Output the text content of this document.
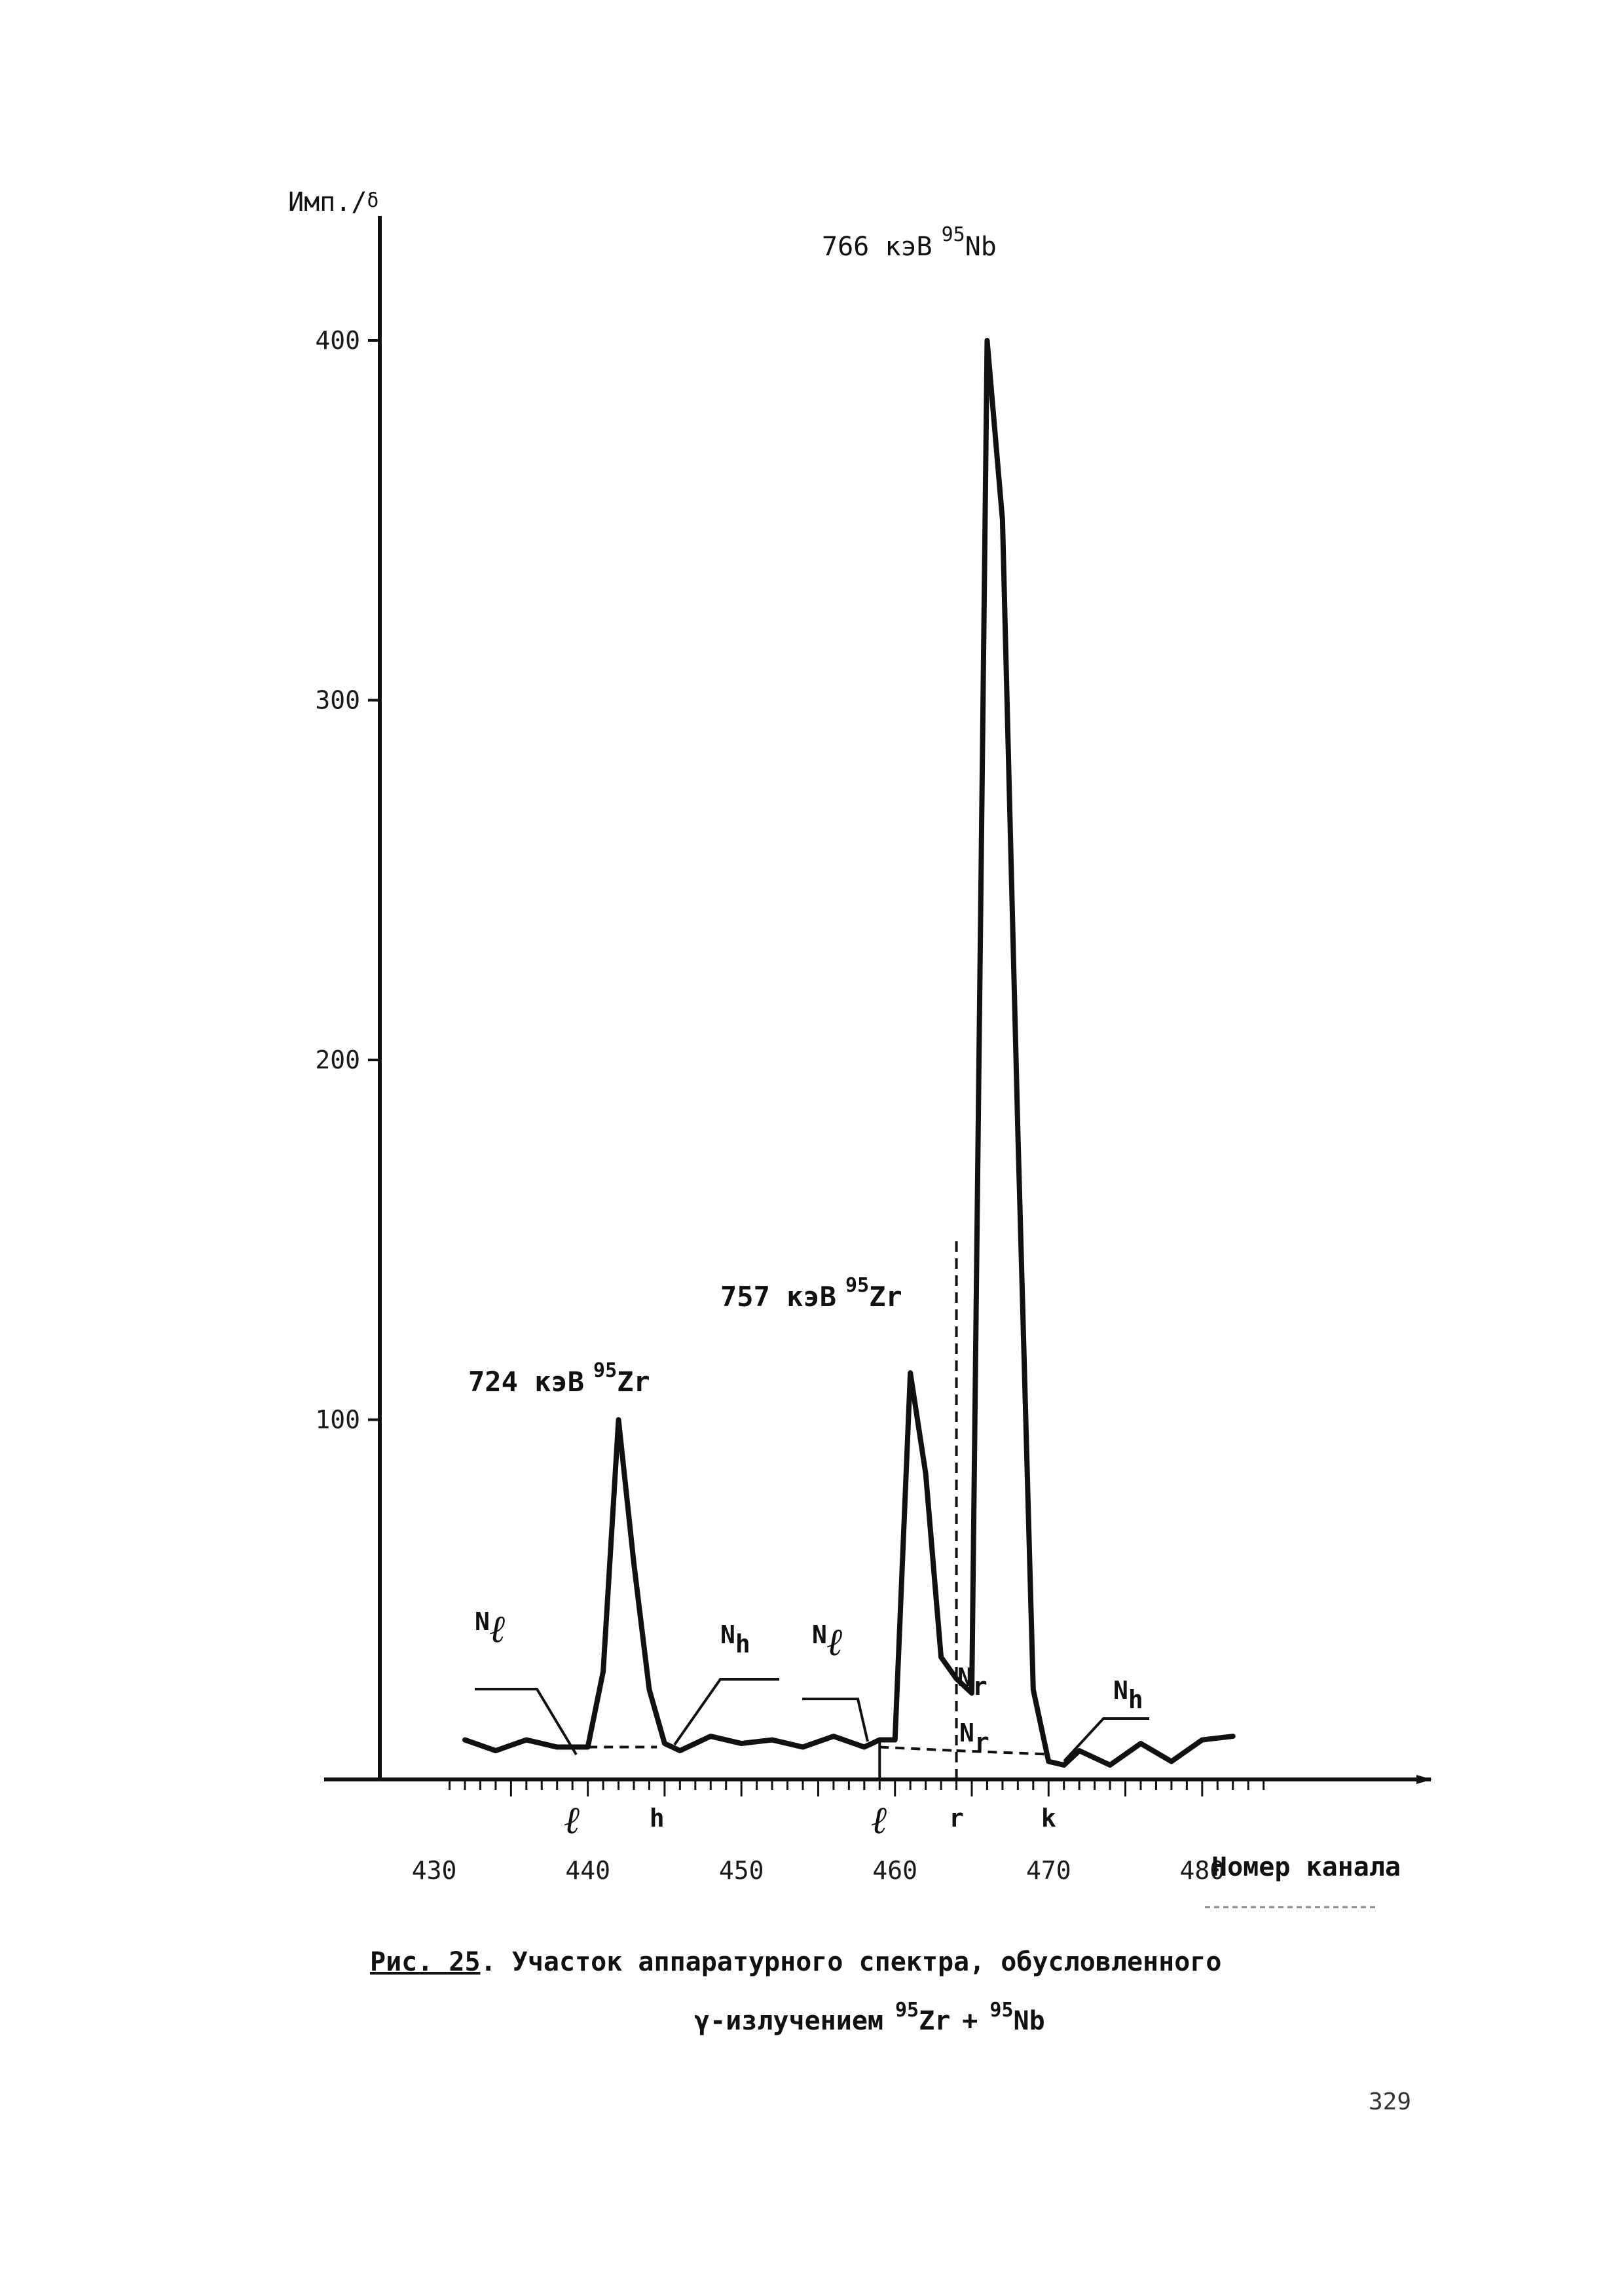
100
200
300
400
430	440	450	460	470	480
ℓ	h	ℓ r	k
Имп./δ
Номер канала
724 кэВ $^{95}$Zr
757 кэВ $^{95}$Zr
766 кэВ $^{95}$Nb
Nℓ	Nh Nℓ
Nr
Nr
Nh
Рис. 25. Участок аппаратурного спектра, обусловленного
γ-излучением $^{95}$Zr + $^{95}$Nb
329
